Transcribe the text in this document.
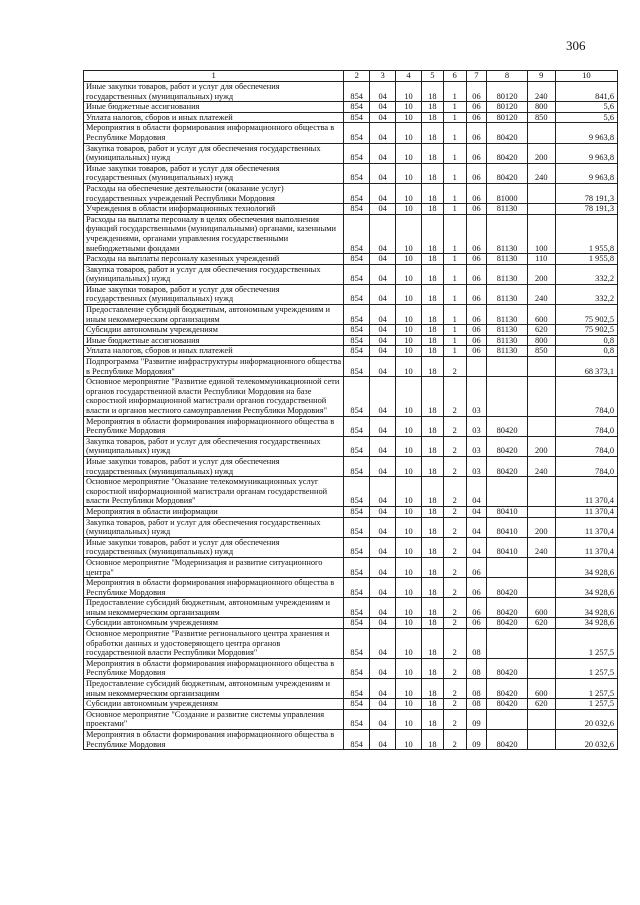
306
1	2	3	4	5	6	7	8	9	10
Иные закупки товаров, работ и услуг для обеспечения государственных (муниципальных) нужд	854	04	10	18	1	06	80120	240	841,6
Иные бюджетные ассигнования	854	04	10	18	1	06	80120	800	5,6
Уплата налогов, сборов и иных платежей	854	04	10	18	1	06	80120	850	5,6
Мероприятия в области формирования информационного общества в Республике Мордовия	854	04	10	18	1	06	80420		9 963,8
Закупка товаров, работ и услуг для обеспечения государственных (муниципальных) нужд	854	04	10	18	1	06	80420	200	9 963,8
Иные закупки товаров, работ и услуг для обеспечения государственных (муниципальных) нужд	854	04	10	18	1	06	80420	240	9 963,8
Расходы на обеспечение деятельности (оказание услуг) государственных учреждений Республики Мордовия	854	04	10	18	1	06	81000		78 191,3
Учреждения в области информационных технологий	854	04	10	18	1	06	81130		78 191,3
Расходы на выплаты персоналу в целях обеспечения выполнения функций государственными (муниципальными) органами, казенными учреждениями, органами управления государственными внебюджетными фондами	854	04	10	18	1	06	81130	100	1 955,8
Расходы на выплаты персоналу казенных учреждений	854	04	10	18	1	06	81130	110	1 955,8
Закупка товаров, работ и услуг для обеспечения государственных (муниципальных) нужд	854	04	10	18	1	06	81130	200	332,2
Иные закупки товаров, работ и услуг для обеспечения государственных (муниципальных) нужд	854	04	10	18	1	06	81130	240	332,2
Предоставление субсидий бюджетным, автономным учреждениям и иным некоммерческим организациям	854	04	10	18	1	06	81130	600	75 902,5
Субсидии автономным учреждениям	854	04	10	18	1	06	81130	620	75 902,5
Иные бюджетные ассигнования	854	04	10	18	1	06	81130	800	0,8
Уплата налогов, сборов и иных платежей	854	04	10	18	1	06	81130	850	0,8
Подпрограмма "Развитие инфраструктуры информационного общества в Республике Мордовия"	854	04	10	18	2				68 373,1
Основное мероприятие "Развитие единой телекоммуникационной сети органов государственной власти Республики Мордовия на базе скоростной информационной магистрали органов государственной власти и органов местного самоуправления Республики Мордовия"	854	04	10	18	2	03			784,0
Мероприятия в области формирования информационного общества в Республике Мордовия	854	04	10	18	2	03	80420		784,0
Закупка товаров, работ и услуг для обеспечения государственных (муниципальных) нужд	854	04	10	18	2	03	80420	200	784,0
Иные закупки товаров, работ и услуг для обеспечения государственных (муниципальных) нужд	854	04	10	18	2	03	80420	240	784,0
Основное мероприятие "Оказание телекоммуникационных услуг скоростной информационной магистрали органам государственной власти Республики Мордовия"	854	04	10	18	2	04			11 370,4
Мероприятия в области информации	854	04	10	18	2	04	80410		11 370,4
Закупка товаров, работ и услуг для обеспечения государственных (муниципальных) нужд	854	04	10	18	2	04	80410	200	11 370,4
Иные закупки товаров, работ и услуг для обеспечения государственных (муниципальных) нужд	854	04	10	18	2	04	80410	240	11 370,4
Основное мероприятие "Модернизация и развитие ситуационного центра"	854	04	10	18	2	06			34 928,6
Мероприятия в области формирования информационного общества в Республике Мордовия	854	04	10	18	2	06	80420		34 928,6
Предоставление субсидий бюджетным, автономным учреждениям и иным некоммерческим организациям	854	04	10	18	2	06	80420	600	34 928,6
Субсидии автономным учреждениям	854	04	10	18	2	06	80420	620	34 928,6
Основное мероприятие "Развитие регионального центра хранения и обработки данных и удостоверяющего центра органов государственной власти Республики Мордовия"	854	04	10	18	2	08			1 257,5
Мероприятия в области формирования информационного общества в Республике Мордовия	854	04	10	18	2	08	80420		1 257,5
Предоставление субсидий бюджетным, автономным учреждениям и иным некоммерческим организациям	854	04	10	18	2	08	80420	600	1 257,5
Субсидии автономным учреждениям	854	04	10	18	2	08	80420	620	1 257,5
Основное мероприятие "Создание и развитие системы управления проектами"	854	04	10	18	2	09			20 032,6
Мероприятия в области формирования информационного общества в Республике Мордовия	854	04	10	18	2	09	80420		20 032,6
